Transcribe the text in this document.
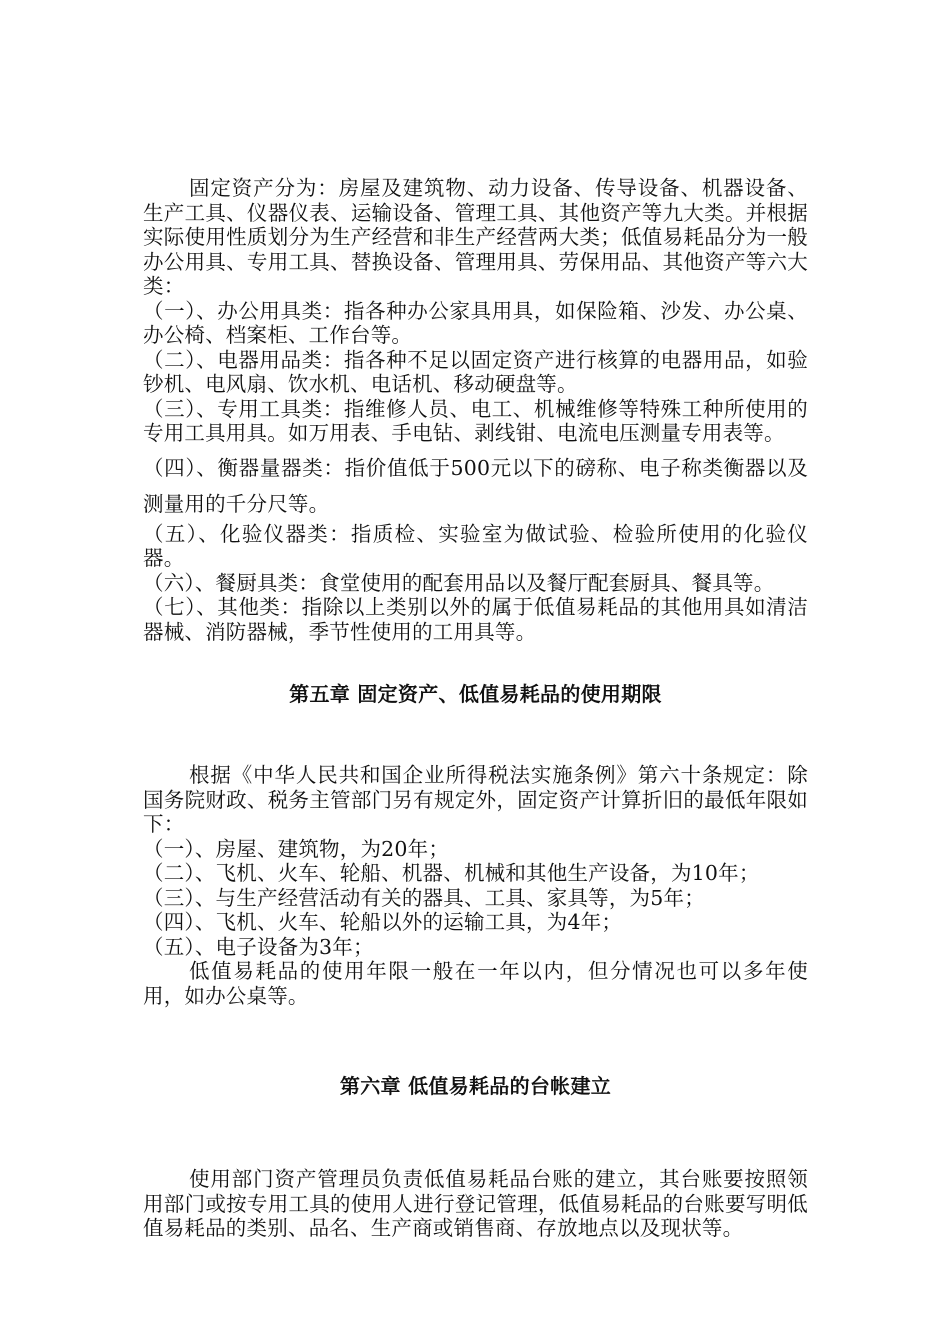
固定资产分为：房屋及建筑物、动力设备、传导设备、机器设备、生产工具、仪器仪表、运输设备、管理工具、其他资产等九大类。并根据实际使用性质划分为生产经营和非生产经营两大类；低值易耗品分为一般办公用具、专用工具、替换设备、管理用具、劳保用品、其他资产等六大类：

（一）、办公用具类：指各种办公家具用具，如保险箱、沙发、办公桌、办公椅、档案柜、工作台等。

（二）、电器用品类：指各种不足以固定资产进行核算的电器用品，如验钞机、电风扇、饮水机、电话机、移动硬盘等。

（三）、专用工具类：指维修人员、电工、机械维修等特殊工种所使用的专用工具用具。如万用表、手电钻、剥线钳、电流电压测量专用表等。

（四）、衡器量器类：指价值低于500元以下的磅称、电子称类衡器以及测量用的千分尺等。

（五）、化验仪器类：指质检、实验室为做试验、检验所使用的化验仪器。

（六）、餐厨具类：食堂使用的配套用品以及餐厅配套厨具、餐具等。

（七）、其他类：指除以上类别以外的属于低值易耗品的其他用具如清洁器械、消防器械，季节性使用的工用具等。

第五章 固定资产、低值易耗品的使用期限

根据《中华人民共和国企业所得税法实施条例》第六十条规定：除国务院财政、税务主管部门另有规定外，固定资产计算折旧的最低年限如下：

（一）、房屋、建筑物，为20年；

（二）、飞机、火车、轮船、机器、机械和其他生产设备，为10年；

（三）、与生产经营活动有关的器具、工具、家具等，为5年；

（四）、飞机、火车、轮船以外的运输工具，为4年；

（五）、电子设备为3年；

低值易耗品的使用年限一般在一年以内，但分情况也可以多年使用，如办公桌等。

第六章 低值易耗品的台帐建立

使用部门资产管理员负责低值易耗品台账的建立，其台账要按照领用部门或按专用工具的使用人进行登记管理，低值易耗品的台账要写明低值易耗品的类别、品名、生产商或销售商、存放地点以及现状等。
